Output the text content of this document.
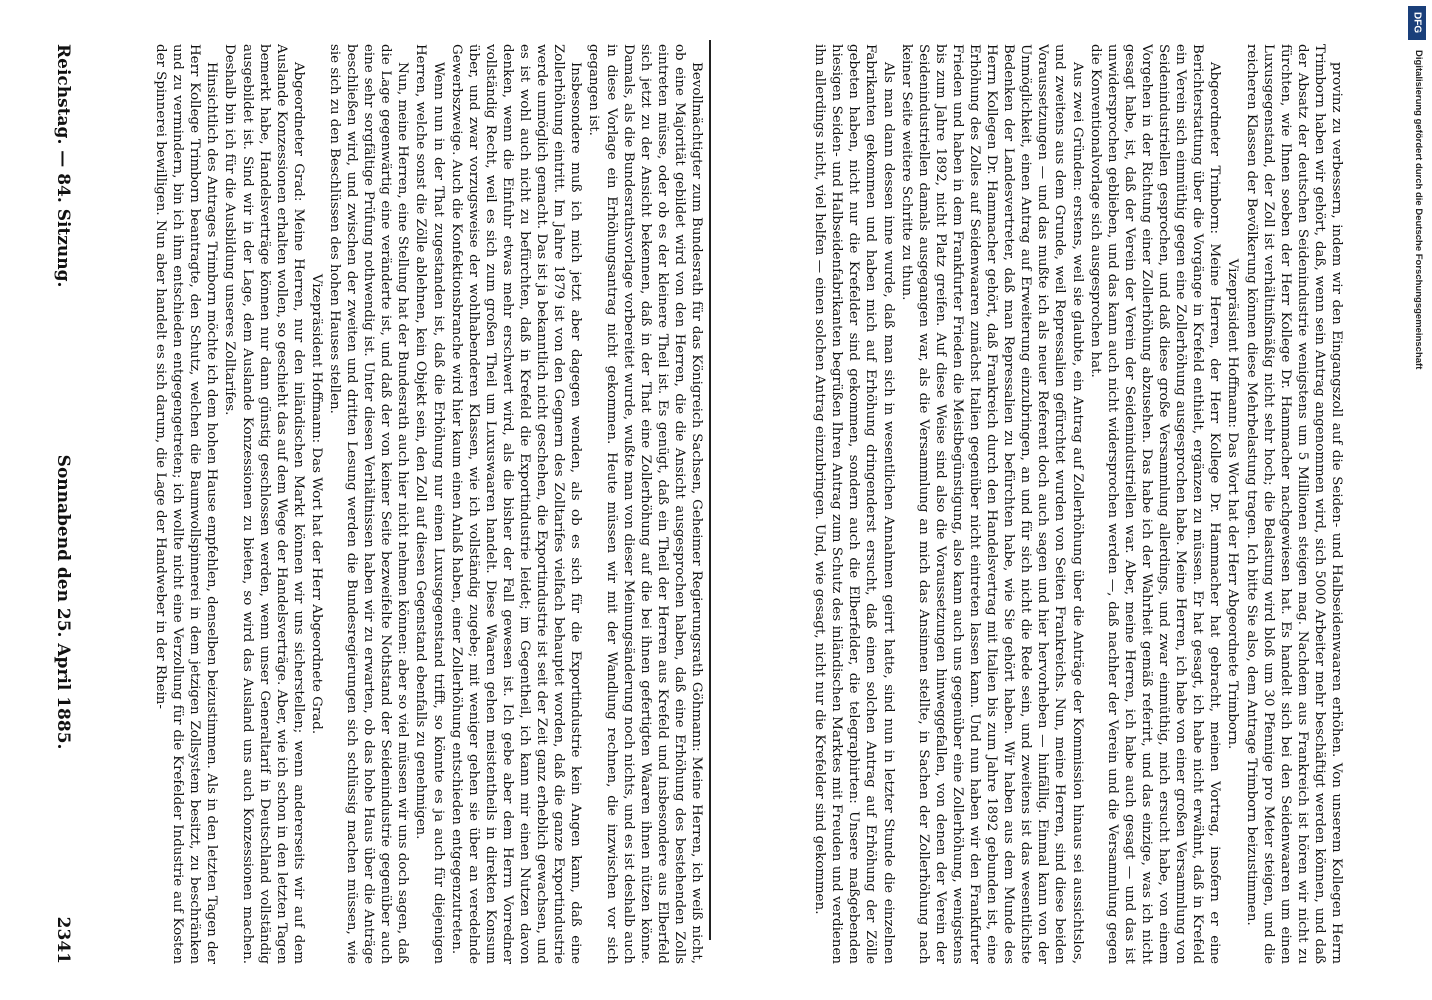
Reichstag. — 84. Sitzung.
Sonnabend den 25. April 1885.
2341	Bevollmächtigter zum Bundesrath für das Königreich Sachsen, Geheimer Regierungsrath Göhmann: Meine Herren, ich weiß nicht, ob eine Majorität gebildet wird von den Herren, die die Ansicht ausgesprochen haben, daß eine Erhöhung des bestehenden Zolls eintreten müsse, oder ob es der kleinere Theil ist. Es genügt, daß ein Theil der Herren aus Krefeld und insbesondere aus Elberfeld sich jetzt zu der Ansicht bekennen, daß in der That eine Zollerhöhung auf die bei ihnen gefertigten Waaren ihnen nützen könne. Damals, als die Bundesrathsvorlage vorbereitet wurde, wußte man von dieser Meinungsänderung noch nichts, und es ist deshalb auch in diese Vorlage ein Erhöhungsantrag nicht gekommen. Heute müssen wir mit der Wandlung rechnen, die inzwischen vor sich gegangen ist.

Insbesondere muß ich mich jetzt aber dagegen wenden, als ob es sich für die Exportindustrie kein Angen kann, daß eine Zollerhöhung eintritt. Im Jahre 1879 ist von den Gegnern des Zolltarifes vielfach behauptet worden, daß die ganze Exportindustrie werde unmöglich gemacht. Das ist ja bekanntlich nicht geschehen, die Exportindustrie ist seit der Zeit ganz erheblich gewachsen, und es ist wohl auch nicht zu befürchten, daß in Krefeld die Exportindustrie leidet; im Gegentheil, ich kann mir einen Nutzen davon denken, wenn die Einfuhr etwas mehr erschwert wird, als die bisher der Fall gewesen ist. Ich gebe aber dem Herrn Vorredner vollständig Recht, weil es sich zum großen Theil um Luxuswaaren handelt. Diese Waaren gehen meistentheils in direkten Konsum über, und zwar vorzugsweise der wohlhabenderen Klassen, wie ich vollständig zugebe; mit weniger gehen sie über an veredelnde Gewerbszweige. Auch die Konfektionsbranche wird hier kaum einen Anlaß haben, einer Zollerhöhung entschieden entgegenzutreten.

Wenn nun in der That zugestanden ist, daß die Erhöhung nur einen Luxusgegenstand trifft, so könnte es ja auch für diejenigen Herren, welche sonst die Zölle ablehnen, kein Objekt sein, den Zoll auf diesen Gegenstand ebenfalls zu genehmigen.

Nun, meine Herren, eine Stellung hat der Bundesrath auch hier nicht nehmen können: aber so viel müssen wir uns doch sagen, daß die Lage gegenwärtig eine veränderte ist, und daß der von keiner Seite bezweifelte Nothstand der Seidenindustrie gegenüber auch eine sehr sorgfältige Prüfung nothwendig ist. Unter diesen Verhältnissen haben wir zu erwarten, ob das hohe Haus über die Anträge beschließen wird, und zwischen der zweiten und dritten Lesung werden die Bundesregierungen sich schlüssig machen müssen, wie sie sich zu den Beschlüssen des hohen Hauses stellen.

Vizepräsident Hoffmann: Das Wort hat der Herr Abgeordnete Grad.

Abgeordneter Grad: Meine Herren, nur den inländischen Markt können wir uns sicherstellen; wenn andererseits wir auf dem Auslande Konzessionen erhalten wollen, so geschieht das auf dem Wege der Handelsverträge. Aber, wie ich schon in den letzten Tagen bemerkt habe, Handelsverträge können nur dann günstig geschlossen werden, wenn unser Generaltarif in Deutschland vollständig ausgebildet ist. Sind wir in der Lage, dem Auslande Konzessionen zu bieten, so wird das Ausland uns auch Konzessionen machen. Deshalb bin ich für die Ausbildung unseres Zolltarifes.

Hinsichtlich des Antrages Trimborn möchte ich dem hohen Hause empfehlen, denselben beizustimmen. Als in den letzten Tagen der Herr Kollege Trimborn beantragte, den Schutz, welchen die Baumwollspinnerei in dem jetzigen Zollsystem besitzt, zu beschränken und zu vermindern, bin ich ihm entschieden entgegengetreten; ich wollte nicht eine Verzollung für die Krefelder Industrie auf Kosten der Spinnerei bewilligen. Nun aber handelt es sich darum, die Lage der Handweber in der Rhein-	provinz zu verbessern, indem wir den Eingangszoll auf die Seiden- und Halbseidenwaaren erhöhen. Von unserem Kollegen Herrn Trimborn haben wir gehört, daß, wenn sein Antrag angenommen wird, sich 5000 Arbeiter mehr beschäftigt werden können, und daß der Absatz der deutschen Seidenindustrie wenigstens um 5 Millionen steigen mag. Nachdem aus Frankreich ist hören wir nicht zu fürchten, wie Ihnen soeben der Herr Kollege Dr. Hammacher nachgewiesen hat. Es handelt sich bei den Seidenwaaren um einen Luxusgegenstand, der Zoll ist verhältnißmäßig nicht sehr hoch; die Belastung wird bloß um 30 Pfennige pro Meter steigen, und die reicheren Klassen der Bevölkerung können diese Mehrbelastung tragen. Ich bitte Sie also, dem Antrage Trimborn beizustimmen.

Vizepräsident Hoffmann: Das Wort hat der Herr Abgeordnete Trimborn.

Abgeordneter Trimborn: Meine Herren, der Herr Kollege Dr. Hammacher hat gebracht, meinen Vortrag, insofern er eine Berichterstattung über die Vorgänge in Krefeld enthielt, ergänzen zu müssen. Er hat gesagt, ich habe nicht erwähnt, daß in Krefeld ein Verein sich einmüthig gegen eine Zollerhöhung ausgesprochen habe. Meine Herren, ich habe von einer großen Versammlung von Seidenindustriellen gesprochen, und daß diese große Versammlung allerdings, und zwar einmüthig, mich ersucht habe, von einem Vorgehen in der Richtung einer Zollerhöhung abzusehen. Das habe ich der Wahrheit gemäß referirt, und das einzige, was ich nicht gesagt habe, ist, daß der Verein der Verein der Seidenindustriellen war. Aber, meine Herren, ich habe auch gesagt — und das ist unwidersprochen geblieben, und das kann auch nicht widersprochen werden —, daß nachher der Verein und die Versammlung gegen die Konventionalvorlage sich ausgesprochen hat.

Aus zwei Gründen: erstens, weil sie glaubte, ein Antrag auf Zollerhöhung über die Anträge der Kommission hinaus sei aussichtslos, und zweitens aus dem Grunde, weil Repressalien gefürchtet wurden von Seiten Frankreichs. Nun, meine Herren, sind diese beiden Voraussetzungen — und das mußte ich als neuer Referent doch auch sagen und hier hervorheben — hinfällig. Einmal kann von der Unmöglichkeit, einen Antrag auf Erweiterung einzubringen, an und für sich nicht die Rede sein, und zweitens ist das wesentlichste Bedenken der Landesvertreter, daß man Repressalien zu befürchten habe, wie Sie gehört haben. Wir haben aus dem Munde des Herrn Kollegen Dr. Hammacher gehört, daß Frankreich durch den Handelsvertrag mit Italien bis zum Jahre 1892 gebunden ist, eine Erhöhung des Zolles auf Seidenwaaren zunächst Italien gegenüber nicht eintreten lassen kann. Und nun haben wir den Frankfurter Frieden und haben in dem Frankfurter Frieden die Meistbegünstigung, also kann auch uns gegenüber eine Zollerhöhung, wenigstens bis zum Jahre 1892, nicht Platz greifen. Auf diese Weise sind also die Voraussetzungen hinweggefallen, von denen der Verein der Seidenindustriellen damals ausgegangen war, als die Versammlung an mich das Ansinnen stellte, in Sachen der Zollerhöhung nach keiner Seite weitere Schritte zu thun.

Als man dann dessen inne wurde, daß man sich in wesentlichen Annahmen geirrt hatte, sind nun in letzter Stunde die einzelnen Fabrikanten gekommen und haben mich auf Erhöhung dringenderst ersucht, daß einen solchen Antrag auf Erhöhung der Zölle gebeten haben, nicht nur die Krefelder sind gekommen, sondern auch die Elberfelder, die telegraphirten: Unsere maßgebenden hiesigen Seiden- und Halbseidenfabrikanten begrüßen Ihren Antrag zum Schutz des inländischen Marktes mit Freuden und verdienen ihn allerdings nicht, viel helfen — einen solchen Antrag einzubringen. Und, wie gesagt, nicht nur die Krefelder sind gekommen.

DFG
Digitalisierung gefördert durch die Deutsche Forschungsgemeinschaft
